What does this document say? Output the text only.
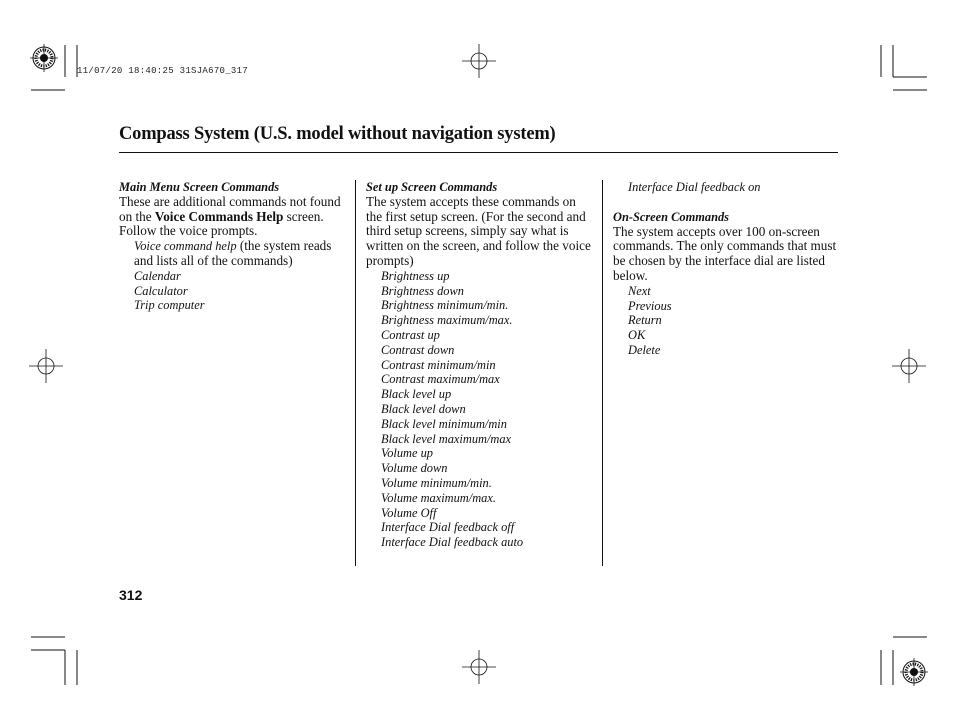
11/07/20 18:40:25 31SJA670_317
Compass System (U.S. model without navigation system)
Main Menu Screen Commands

These are additional commands not found on the Voice Commands Help screen. Follow the voice prompts.

Voice command help (the system reads and lists all of the commands)
Calendar
Calculator
Trip computer
Set up Screen Commands

The system accepts these commands on the first setup screen. (For the second and third setup screens, simply say what is written on the screen, and follow the voice prompts)

Brightness up
Brightness down
Brightness minimum/min.
Brightness maximum/max.
Contrast up
Contrast down
Contrast minimum/min
Contrast maximum/max
Black level up
Black level down
Black level minimum/min
Black level maximum/max
Volume up
Volume down
Volume minimum/min.
Volume maximum/max.
Volume Off
Interface Dial feedback off
Interface Dial feedback auto
Interface Dial feedback on
On-Screen Commands

The system accepts over 100 on-screen commands. The only commands that must be chosen by the interface dial are listed below.

Next
Previous
Return
OK
Delete
312
